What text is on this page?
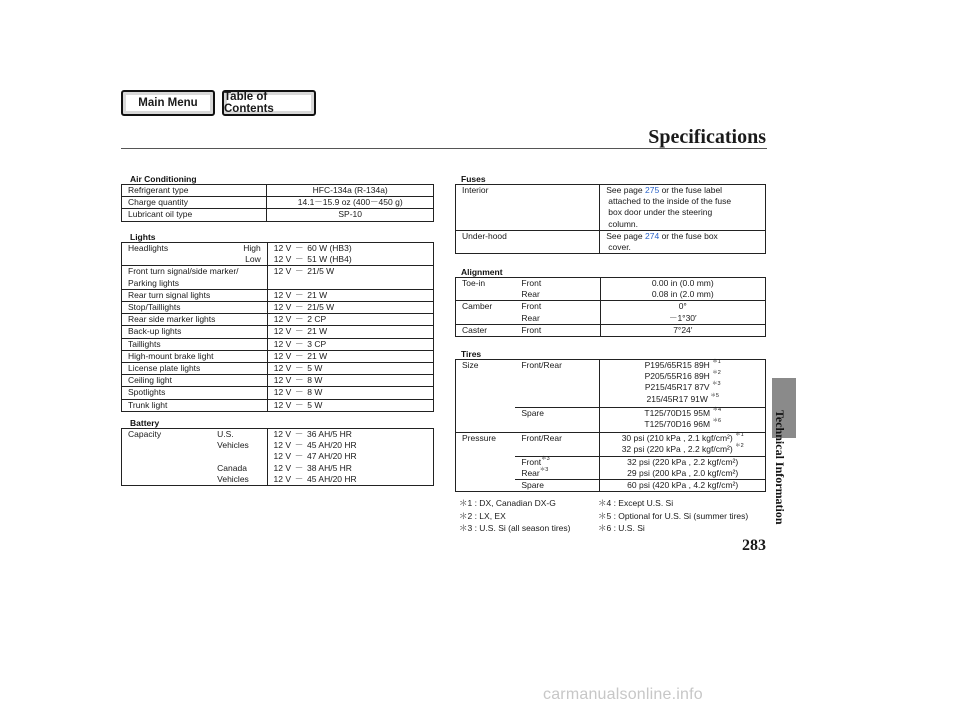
Main Menu	Table of Contents
Specifications
Technical Information
283
Air Conditioning
Refrigerant type	HFC-134a (R-134a)
Charge quantity	14.1－15.9 oz (400－450 g)
Lubricant oil type	SP-10
Lights
Headlights High	12 V － 60 W (HB3)

Low	12 V － 51 W (HB4)
Front turn signal/side marker/
Parking lights	12 V － 21/5 W
Rear turn signal lights	12 V － 21 W
Stop/Taillights	12 V － 21/5 W
Rear side marker lights	12 V － 2 CP
Back-up lights	12 V － 21 W
Taillights	12 V － 3 CP
High-mount brake light	12 V － 21 W
License plate lights	12 V － 5 W
Ceiling light	12 V － 8 W
Spotlights	12 V － 8 W
Trunk light	12 V － 5 W
Battery
Capacity	U.S.	12 V － 36 AH/5 HR
	Vehicles	12 V － 45 AH/20 HR
		12 V － 47 AH/20 HR
	Canada	12 V － 38 AH/5 HR
	Vehicles	12 V － 45 AH/20 HR
Fuses
Interior	See page 275 or the fuse label
attached to the inside of the fuse
box door under the steering
column.
Under-hood	See page 274 or the fuse box
cover.
Alignment
Toe-in	Front	0.00 in (0.0 mm)
	Rear	0.08 in (2.0 mm)
Camber	Front	0°
	Rear	－1°30′
Caster	Front	7°24′
Tires
Size	Front/Rear	P195/65R15 89H $^{*1}$
		P205/55R16 89H $^{*2}$
		P215/45R17 87V $^{*3}$
		215/45R17 91W $^{*5}$
	Spare	T125/70D15 95M $^{*4}$
		T125/70D16 96M $^{*6}$
Pressure	Front/Rear	30 psi (210 kPa , 2.1 kgf/cm²) $^{*1}$
		32 psi (220 kPa , 2.2 kgf/cm²) $^{*2}$
	Front$^{*3}$	32 psi (220 kPa , 2.2 kgf/cm²)
	Rear$^{*3}$	29 psi (200 kPa , 2.0 kgf/cm²)
	Spare	60 psi (420 kPa , 4.2 kgf/cm²)
＊1 : DX, Canadian DX-G
＊2 : LX, EX
＊3 : U.S. Si (all season tires)
＊4 : Except U.S. Si
＊5 : Optional for U.S. Si (summer tires)
＊6 : U.S. Si
carmanualsonline.info
